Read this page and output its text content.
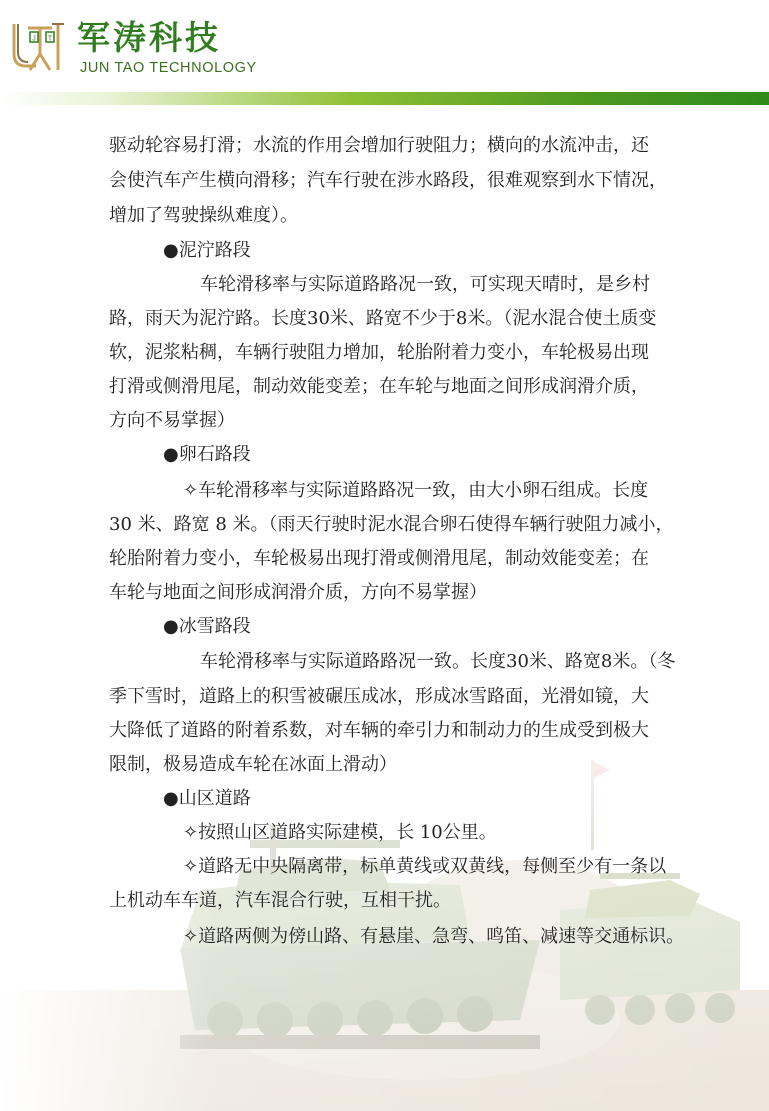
J T 军涛科技
JUN TAO TECHNOLOGY
驱动轮容易打滑；水流的作用会增加行驶阻力；横向的水流冲击，还
会使汽车产生横向滑移；汽车行驶在涉水路段，很难观察到水下情况，
增加了驾驶操纵难度）。
●泥泞路段
车轮滑移率与实际道路路况一致，可实现天晴时，是乡村
路，雨天为泥泞路。长度30米、路宽不少于8米。（泥水混合使土质变
软，泥浆粘稠，车辆行驶阻力增加，轮胎附着力变小，车轮极易出现
打滑或侧滑甩尾，制动效能变差；在车轮与地面之间形成润滑介质，
方向不易掌握）
●卵石路段
✧车轮滑移率与实际道路路况一致，由大小卵石组成。长度
30 米、路宽 8 米。（雨天行驶时泥水混合卵石使得车辆行驶阻力减小，
轮胎附着力变小，车轮极易出现打滑或侧滑甩尾，制动效能变差；在
车轮与地面之间形成润滑介质，方向不易掌握）
●冰雪路段
车轮滑移率与实际道路路况一致。长度30米、路宽8米。（冬
季下雪时，道路上的积雪被碾压成冰，形成冰雪路面，光滑如镜，大
大降低了道路的附着系数，对车辆的牵引力和制动力的生成受到极大
限制，极易造成车轮在冰面上滑动）
●山区道路
✧按照山区道路实际建模，长 10公里。
✧道路无中央隔离带，标单黄线或双黄线，每侧至少有一条以
上机动车车道，汽车混合行驶，互相干扰。
✧道路两侧为傍山路、有悬崖、急弯、鸣笛、减速等交通标识。
